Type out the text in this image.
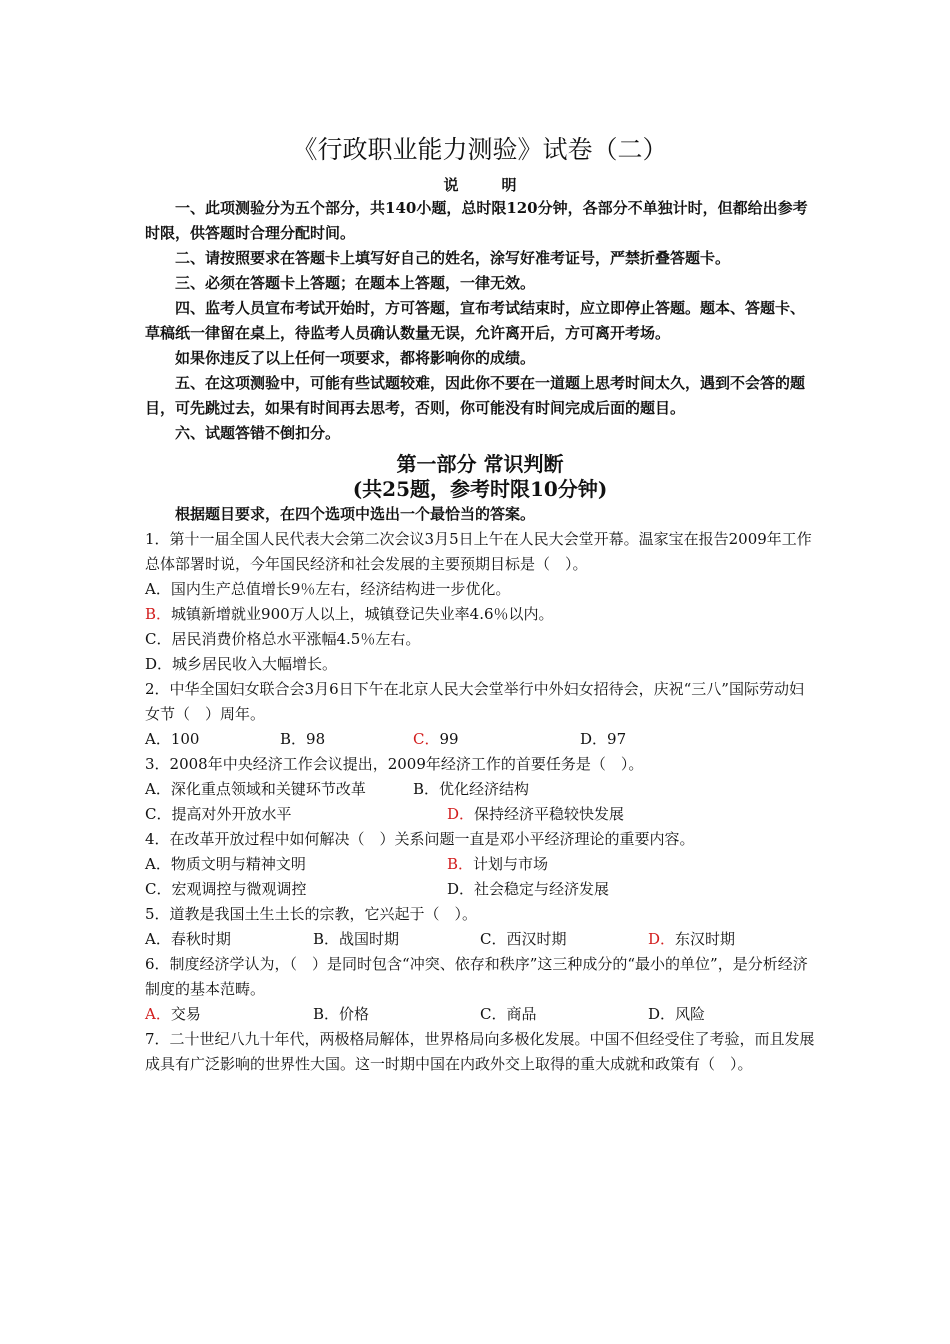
《行政职业能力测验》试卷（二）
说　明

一、此项测验分为五个部分，共140小题，总时限120分钟，各部分不单独计时，但都给出参考时限，供答题时合理分配时间。

二、请按照要求在答题卡上填写好自己的姓名，涂写好准考证号，严禁折叠答题卡。

三、必须在答题卡上答题；在题本上答题，一律无效。

四、监考人员宣布考试开始时，方可答题，宣布考试结束时，应立即停止答题。题本、答题卡、草稿纸一律留在桌上，待监考人员确认数量无误，允许离开后，方可离开考场。

如果你违反了以上任何一项要求，都将影响你的成绩。

五、在这项测验中，可能有些试题较难，因此你不要在一道题上思考时间太久，遇到不会答的题目，可先跳过去，如果有时间再去思考，否则，你可能没有时间完成后面的题目。

六、试题答错不倒扣分。

第一部分 常识判断
(共25题，参考时限10分钟)

根据题目要求，在四个选项中选出一个最恰当的答案。

1．第十一届全国人民代表大会第二次会议3月5日上午在人民大会堂开幕。温家宝在报告2009年工作总体部署时说，今年国民经济和社会发展的主要预期目标是（　）。

A．国内生产总值增长9％左右，经济结构进一步优化。
B．城镇新增就业900万人以上，城镇登记失业率4.6％以内。
C．居民消费价格总水平涨幅4.5％左右。
D．城乡居民收入大幅增长。

2．中华全国妇女联合会3月6日下午在北京人民大会堂举行中外妇女招待会，庆祝“三八”国际劳动妇女节（　）周年。

A．100	B．98	C．99	D．97

3．2008年中央经济工作会议提出，2009年经济工作的首要任务是（　）。

A．深化重点领域和关键环节改革	B．优化经济结构
C．提高对外开放水平	D．保持经济平稳较快发展

4．在改革开放过程中如何解决（　）关系问题一直是邓小平经济理论的重要内容。

A．物质文明与精神文明	B．计划与市场
C．宏观调控与微观调控	D．社会稳定与经济发展

5．道教是我国土生土长的宗教，它兴起于（　）。

A．春秋时期	B．战国时期	C．西汉时期	D．东汉时期

6．制度经济学认为，（　）是同时包含“冲突、依存和秩序”这三种成分的“最小的单位”，是分析经济制度的基本范畴。

A．交易	B．价格	C．商品	D．风险

7．二十世纪八九十年代，两极格局解体，世界格局向多极化发展。中国不但经受住了考验，而且发展成具有广泛影响的世界性大国。这一时期中国在内政外交上取得的重大成就和政策有（　）。
